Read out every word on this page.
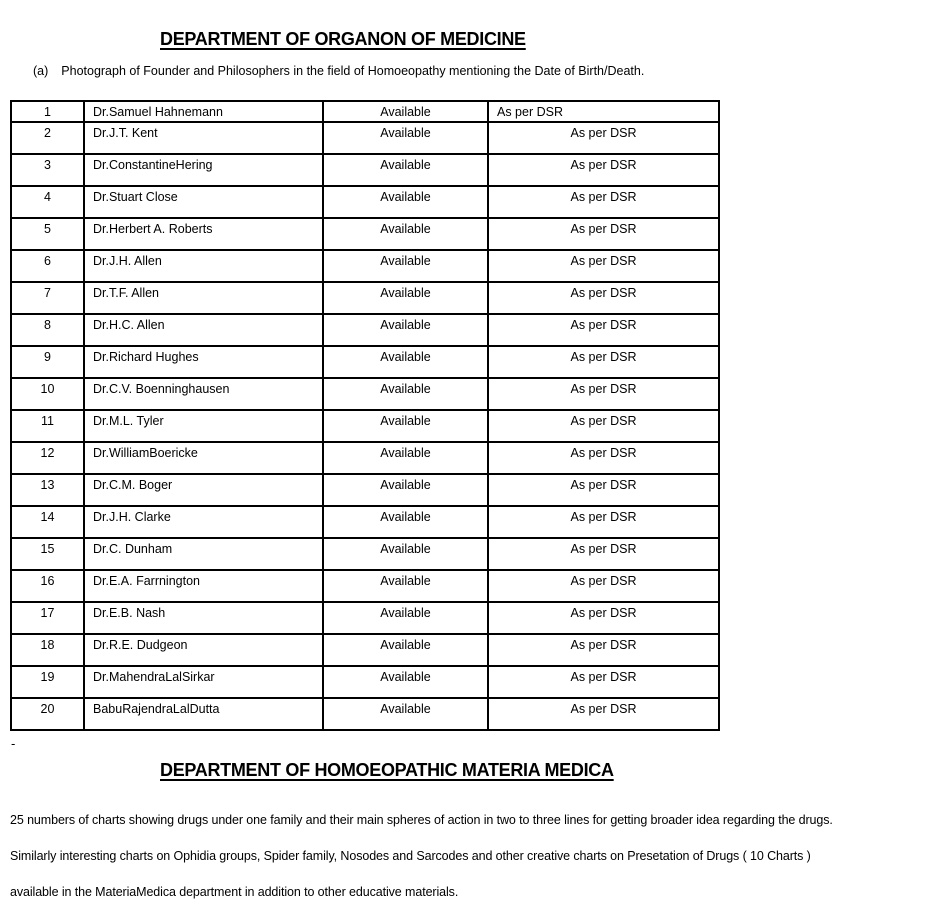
DEPARTMENT OF ORGANON OF MEDICINE
(a) Photograph of Founder and Philosophers in the field of Homoeopathy mentioning the Date of Birth/Death.
1	Dr.Samuel Hahnemann	Available	As per DSR
2	Dr.J.T. Kent	Available	As per DSR
3	Dr.ConstantineHering	Available	As per DSR
4	Dr.Stuart Close	Available	As per DSR
5	Dr.Herbert A. Roberts	Available	As per DSR
6	Dr.J.H. Allen	Available	As per DSR
7	Dr.T.F. Allen	Available	As per DSR
8	Dr.H.C. Allen	Available	As per DSR
9	Dr.Richard Hughes	Available	As per DSR
10	Dr.C.V. Boenninghausen	Available	As per DSR
11	Dr.M.L. Tyler	Available	As per DSR
12	Dr.WilliamBoericke	Available	As per DSR
13	Dr.C.M. Boger	Available	As per DSR
14	Dr.J.H. Clarke	Available	As per DSR
15	Dr.C. Dunham	Available	As per DSR
16	Dr.E.A. Farrnington	Available	As per DSR
17	Dr.E.B. Nash	Available	As per DSR
18	Dr.R.E. Dudgeon	Available	As per DSR
19	Dr.MahendraLalSirkar	Available	As per DSR
20	BabuRajendraLalDutta	Available	As per DSR
-
DEPARTMENT OF HOMOEOPATHIC MATERIA MEDICA

25 numbers of charts showing drugs under one family and their main spheres of action in two to three lines for getting broader idea regarding the drugs.

Similarly interesting charts on Ophidia groups, Spider family, Nosodes and Sarcodes and other creative charts on Presetation of Drugs ( 10 Charts )

available in the MateriaMedica department in addition to other educative materials.
